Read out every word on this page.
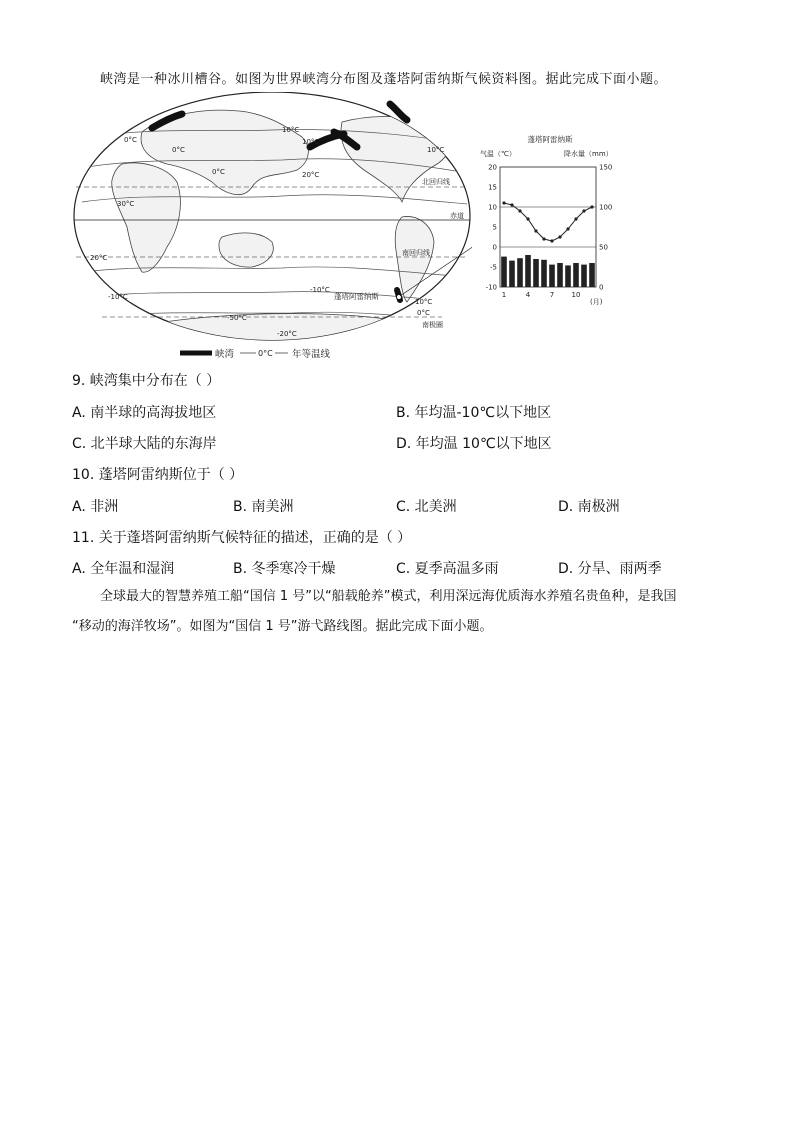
峡湾是一种冰川槽谷。如图为世界峡湾分布图及蓬塔阿雷纳斯气候资料图。据此完成下面小题。
10°C
0°C
0°C
10°C
0°C
10°C
20°C
30°C
20°C
北回归线
赤道
南回归线
-10°C
-10°C
-50°C
-20°C
10°C
0°C
南极圈
蓬塔阿雷纳斯
峡湾	0°C 年等温线
蓬塔阿雷纳斯
气温（℃）	降水量（mm）
(月)
20
15
10
5
0
-5
-10
150
100
50
0
1	4	7 10
9. 峡湾集中分布在（ ）
A. 南半球的高海拔地区	B. 年均温-10℃以下地区
C. 北半球大陆的东海岸	D. 年均温 10℃以下地区
10. 蓬塔阿雷纳斯位于（ ）
A. 非洲	B. 南美洲	C. 北美洲	D. 南极洲
11. 关于蓬塔阿雷纳斯气候特征的描述，正确的是（ ）
A. 全年温和湿润	B. 冬季寒冷干燥	C. 夏季高温多雨	D. 分旱、雨两季
全球最大的智慧养殖工船“国信 1 号”以“船载舱养”模式，利用深远海优质海水养殖名贵鱼种，是我国
“移动的海洋牧场”。如图为“国信 1 号”游弋路线图。据此完成下面小题。
